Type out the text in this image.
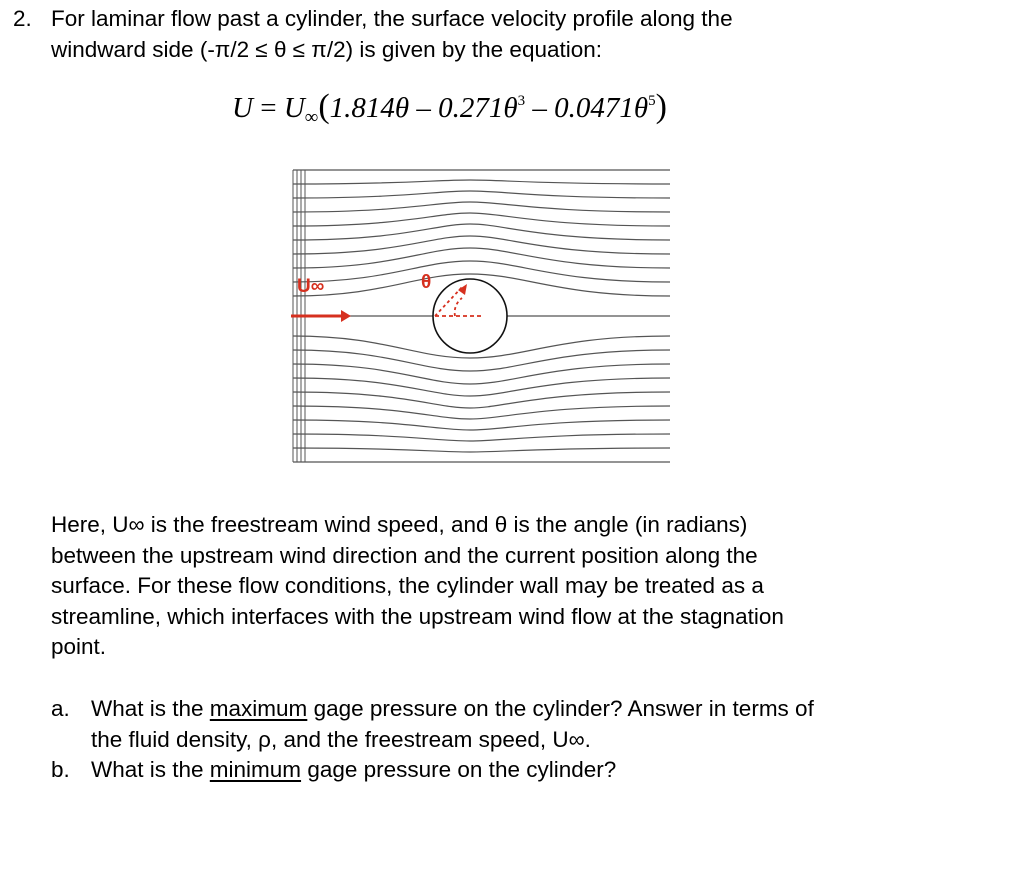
2. For laminar flow past a cylinder, the surface velocity profile along the
windward side (-π/2 ≤ θ ≤ π/2) is given by the equation:
$U = U_\infty(1.814\theta - 0.271\theta^3 - 0.0471\theta^5)$
U∞	θ
Here, U∞ is the freestream wind speed, and θ is the angle (in radians)
between the upstream wind direction and the current position along the
surface. For these flow conditions, the cylinder wall may be treated as a
streamline, which interfaces with the upstream wind flow at the stagnation
point.
a. What is the maximum gage pressure on the cylinder? Answer in terms of
the fluid density, ρ, and the freestream speed, U∞.
b. What is the minimum gage pressure on the cylinder?
